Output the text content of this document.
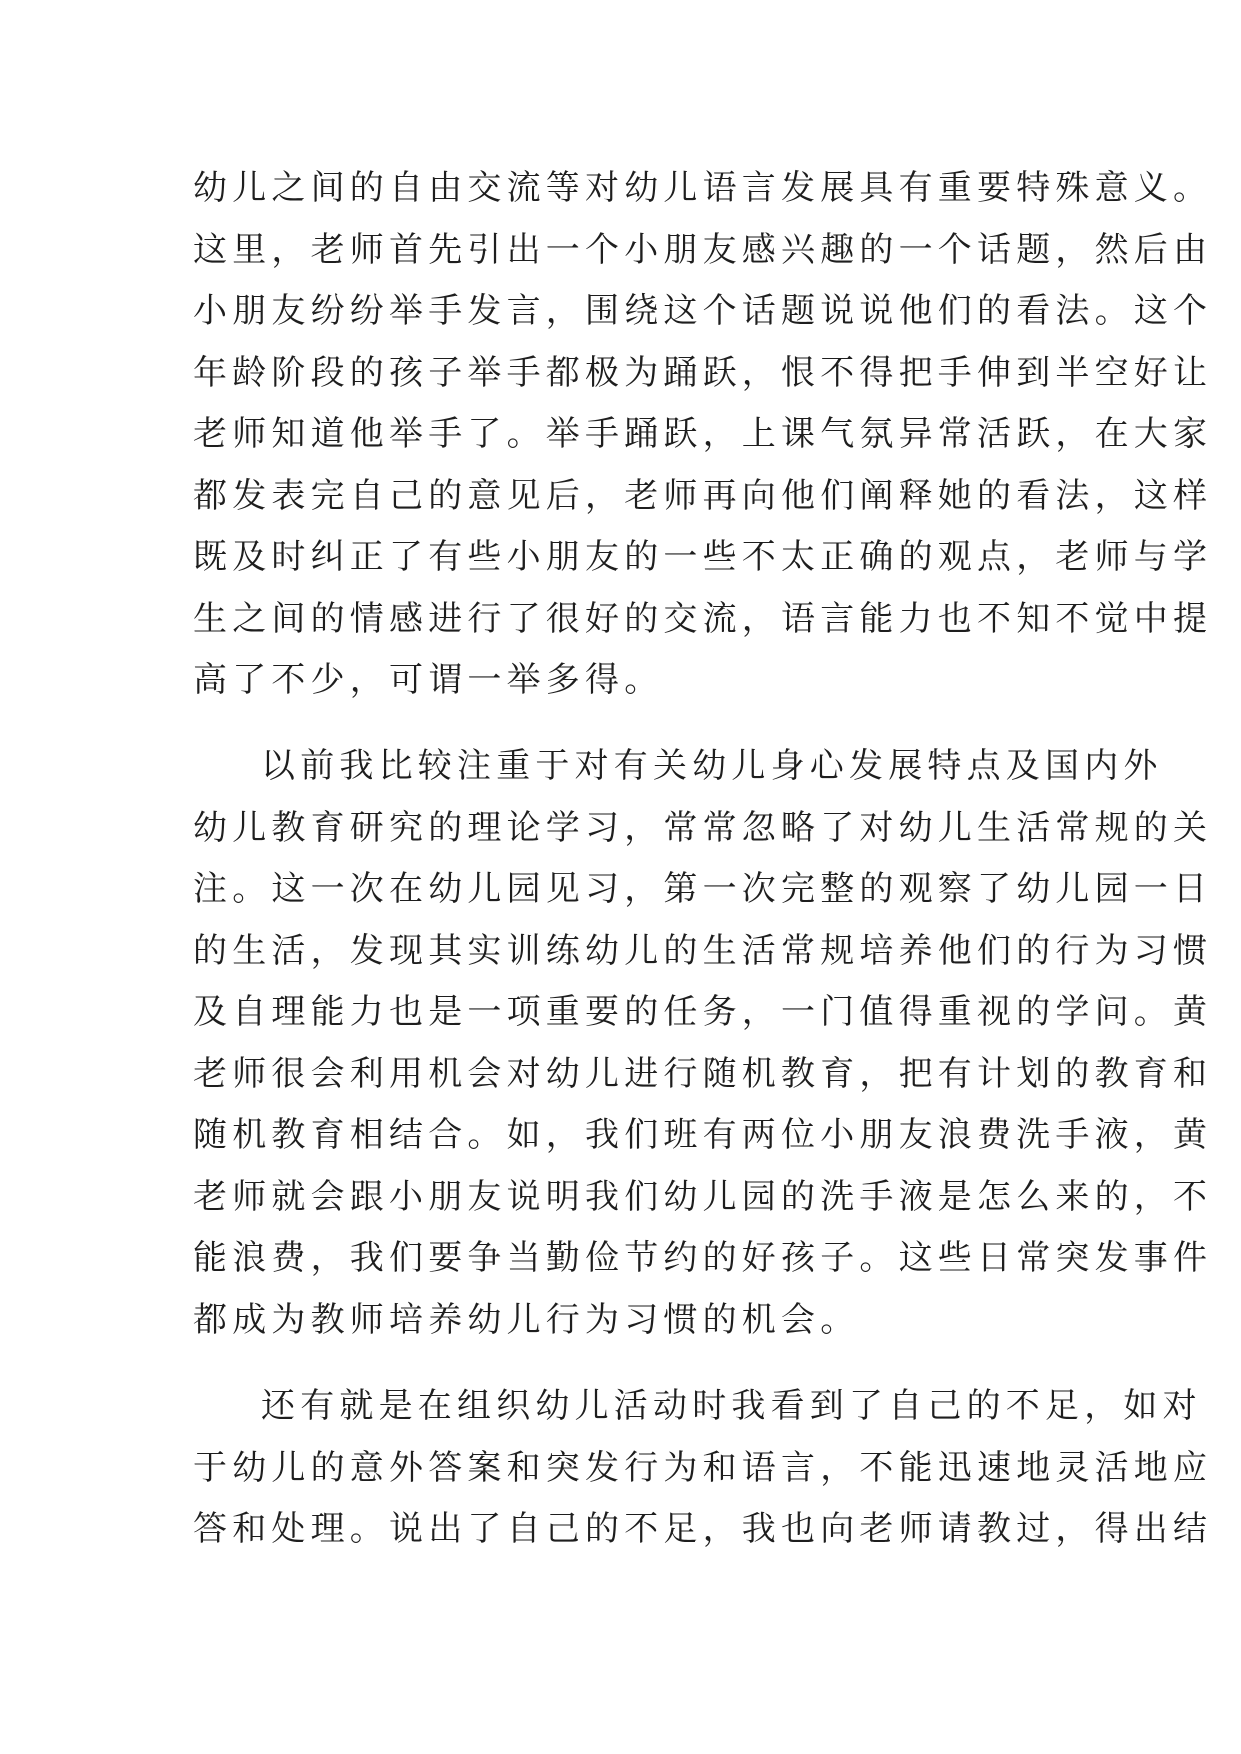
幼儿之间的自由交流等对幼儿语言发展具有重要特殊意义。
这里，老师首先引出一个小朋友感兴趣的一个话题，然后由
小朋友纷纷举手发言，围绕这个话题说说他们的看法。这个
年龄阶段的孩子举手都极为踊跃，恨不得把手伸到半空好让
老师知道他举手了。举手踊跃，上课气氛异常活跃，在大家
都发表完自己的意见后，老师再向他们阐释她的看法，这样
既及时纠正了有些小朋友的一些不太正确的观点，老师与学
生之间的情感进行了很好的交流，语言能力也不知不觉中提
高了不少，可谓一举多得。
以前我比较注重于对有关幼儿身心发展特点及国内外
幼儿教育研究的理论学习，常常忽略了对幼儿生活常规的关
注。这一次在幼儿园见习，第一次完整的观察了幼儿园一日
的生活，发现其实训练幼儿的生活常规培养他们的行为习惯
及自理能力也是一项重要的任务，一门值得重视的学问。黄
老师很会利用机会对幼儿进行随机教育，把有计划的教育和
随机教育相结合。如，我们班有两位小朋友浪费洗手液，黄
老师就会跟小朋友说明我们幼儿园的洗手液是怎么来的，不
能浪费，我们要争当勤俭节约的好孩子。这些日常突发事件
都成为教师培养幼儿行为习惯的机会。
还有就是在组织幼儿活动时我看到了自己的不足，如对
于幼儿的意外答案和突发行为和语言，不能迅速地灵活地应
答和处理。说出了自己的不足，我也向老师请教过，得出结
